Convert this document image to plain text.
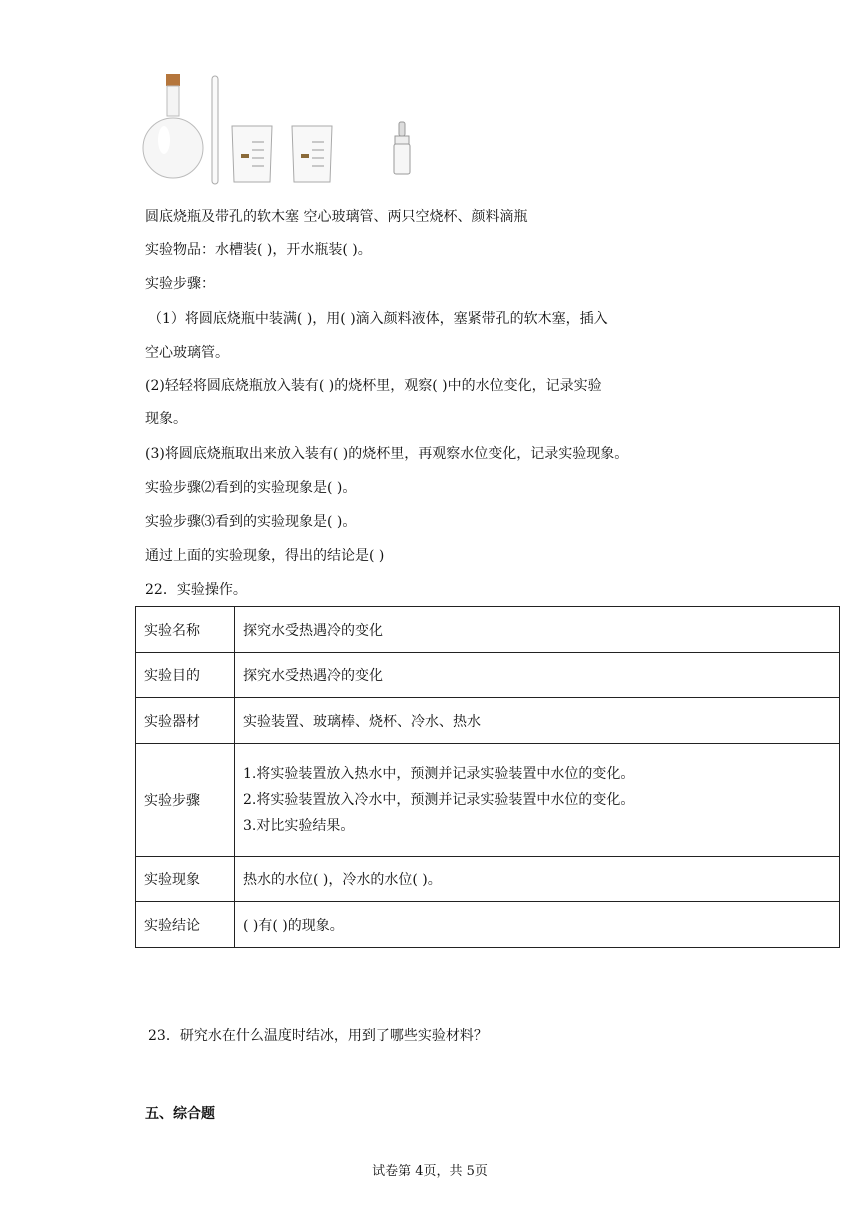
圆底烧瓶及带孔的软木塞 空心玻璃管、两只空烧杯、颜料滴瓶
实验物品：水槽装( )，开水瓶装( )。
实验步骤：
（1）将圆底烧瓶中装满( )，用( )滴入颜料液体，塞紧带孔的软木塞，插入
空心玻璃管。
(2)轻轻将圆底烧瓶放入装有( )的烧杯里，观察( )中的水位变化，记录实验
现象。
(3)将圆底烧瓶取出来放入装有( )的烧杯里，再观察水位变化，记录实验现象。
实验步骤⑵看到的实验现象是( )。
实验步骤⑶看到的实验现象是( )。
通过上面的实验现象，得出的结论是( )
22．实验操作。
实验名称	探究水受热遇冷的变化
实验目的	探究水受热遇冷的变化
实验器材	实验装置、玻璃棒、烧杯、冷水、热水
实验步骤	1.将实验装置放入热水中，预测并记录实验装置中水位的变化。
2.将实验装置放入冷水中，预测并记录实验装置中水位的变化。
3.对比实验结果。

实验现象	热水的水位( )，冷水的水位( )。
实验结论	( )有( )的现象。
23．研究水在什么温度时结冰，用到了哪些实验材料？
五、综合题
试卷第 4页，共 5页
